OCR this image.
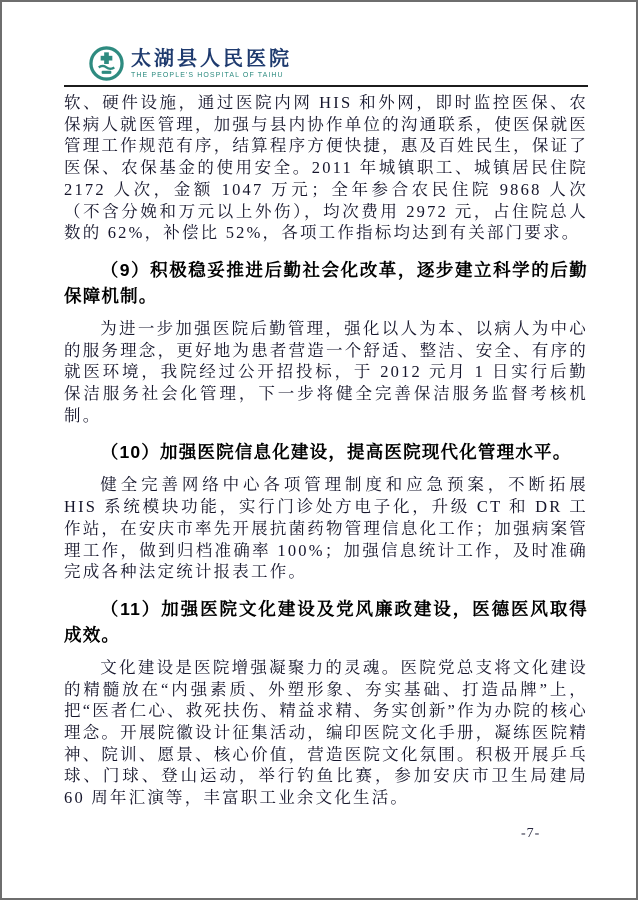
太湖县人民医院
THE PEOPLE'S HOSPITAL OF TAIHU

软、硬件设施，通过医院内网 HIS 和外网，即时监控医保、农保病人就医管理，加强与县内协作单位的沟通联系，使医保就医管理工作规范有序，结算程序方便快捷，惠及百姓民生，保证了医保、农保基金的使用安全。2011 年城镇职工、城镇居民住院 2172 人次，金额 1047 万元；全年参合农民住院 9868 人次（不含分娩和万元以上外伤），均次费用 2972 元，占住院总人数的 62%，补偿比 52%，各项工作指标均达到有关部门要求。

（9）积极稳妥推进后勤社会化改革，逐步建立科学的后勤保障机制。

为进一步加强医院后勤管理，强化以人为本、以病人为中心的服务理念，更好地为患者营造一个舒适、整洁、安全、有序的就医环境，我院经过公开招投标，于 2012 元月 1 日实行后勤保洁服务社会化管理，下一步将健全完善保洁服务监督考核机制。

（10）加强医院信息化建设，提高医院现代化管理水平。

健全完善网络中心各项管理制度和应急预案，不断拓展 HIS 系统模块功能，实行门诊处方电子化，升级 CT 和 DR 工作站，在安庆市率先开展抗菌药物管理信息化工作；加强病案管理工作，做到归档准确率 100%；加强信息统计工作，及时准确完成各种法定统计报表工作。

（11）加强医院文化建设及党风廉政建设，医德医风取得成效。

文化建设是医院增强凝聚力的灵魂。医院党总支将文化建设的精髓放在“内强素质、外塑形象、夯实基础、打造品牌”上，把“医者仁心、救死扶伤、精益求精、务实创新”作为办院的核心理念。开展院徽设计征集活动，编印医院文化手册，凝练医院精神、院训、愿景、核心价值，营造医院文化氛围。积极开展乒乓球、门球、登山运动，举行钓鱼比赛，参加安庆市卫生局建局 60 周年汇演等，丰富职工业余文化生活。

-7-
